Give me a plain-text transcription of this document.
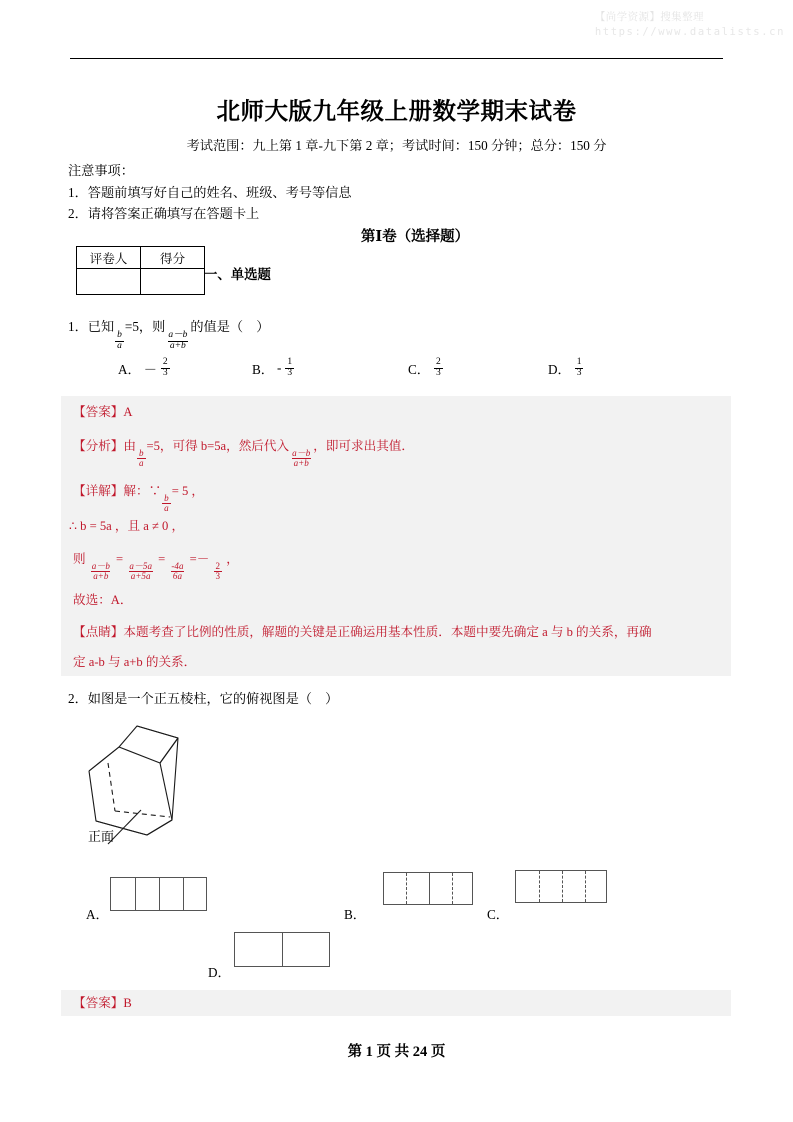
【尚学资源】搜集整理
https://www.datalists.cn
北师大版九年级上册数学期末试卷
考试范围：九上第 1 章-九下第 2 章；考试时间：150 分钟；总分：150 分
注意事项：
1．答题前填写好自己的姓名、班级、考号等信息
2．请将答案正确填写在答题卡上
第Ⅰ卷（选择题）
评卷人	得分

一、单选题
1．已知
$\frac{b}{a}$
=5，则
$\frac{a-b}{a+b}$
的值是（　）
A． － $\frac{2}{3}$	B． - $\frac{1}{3}$	C． $\frac{2}{3}$	D． $\frac{1}{3}$
【答案】A
【分析】由
$\frac{b}{a}$
=5，可得 b=5a，然后代入
$\frac{a-b}{a+b}$
，即可求出其值．
【详解】解：∵
$\frac{b}{a}$
= 5 ，
∴ b = 5a ，且 a ≠ 0 ，
则
$\frac{a-b}{a+b}$
=
$\frac{a-5a}{a+5a}$
=
$\frac{-4a}{6a}$
=－
$\frac{2}{3}$
，
故选：A．
【点睛】本题考查了比例的性质，解题的关键是正确运用基本性质．本题中要先确定 a 与 b 的关系，再确
定 a-b 与 a+b 的关系．
2．如图是一个正五棱柱，它的俯视图是（　）
正面
A．	B．	C．
D．
【答案】B
第 1 页 共 24 页
